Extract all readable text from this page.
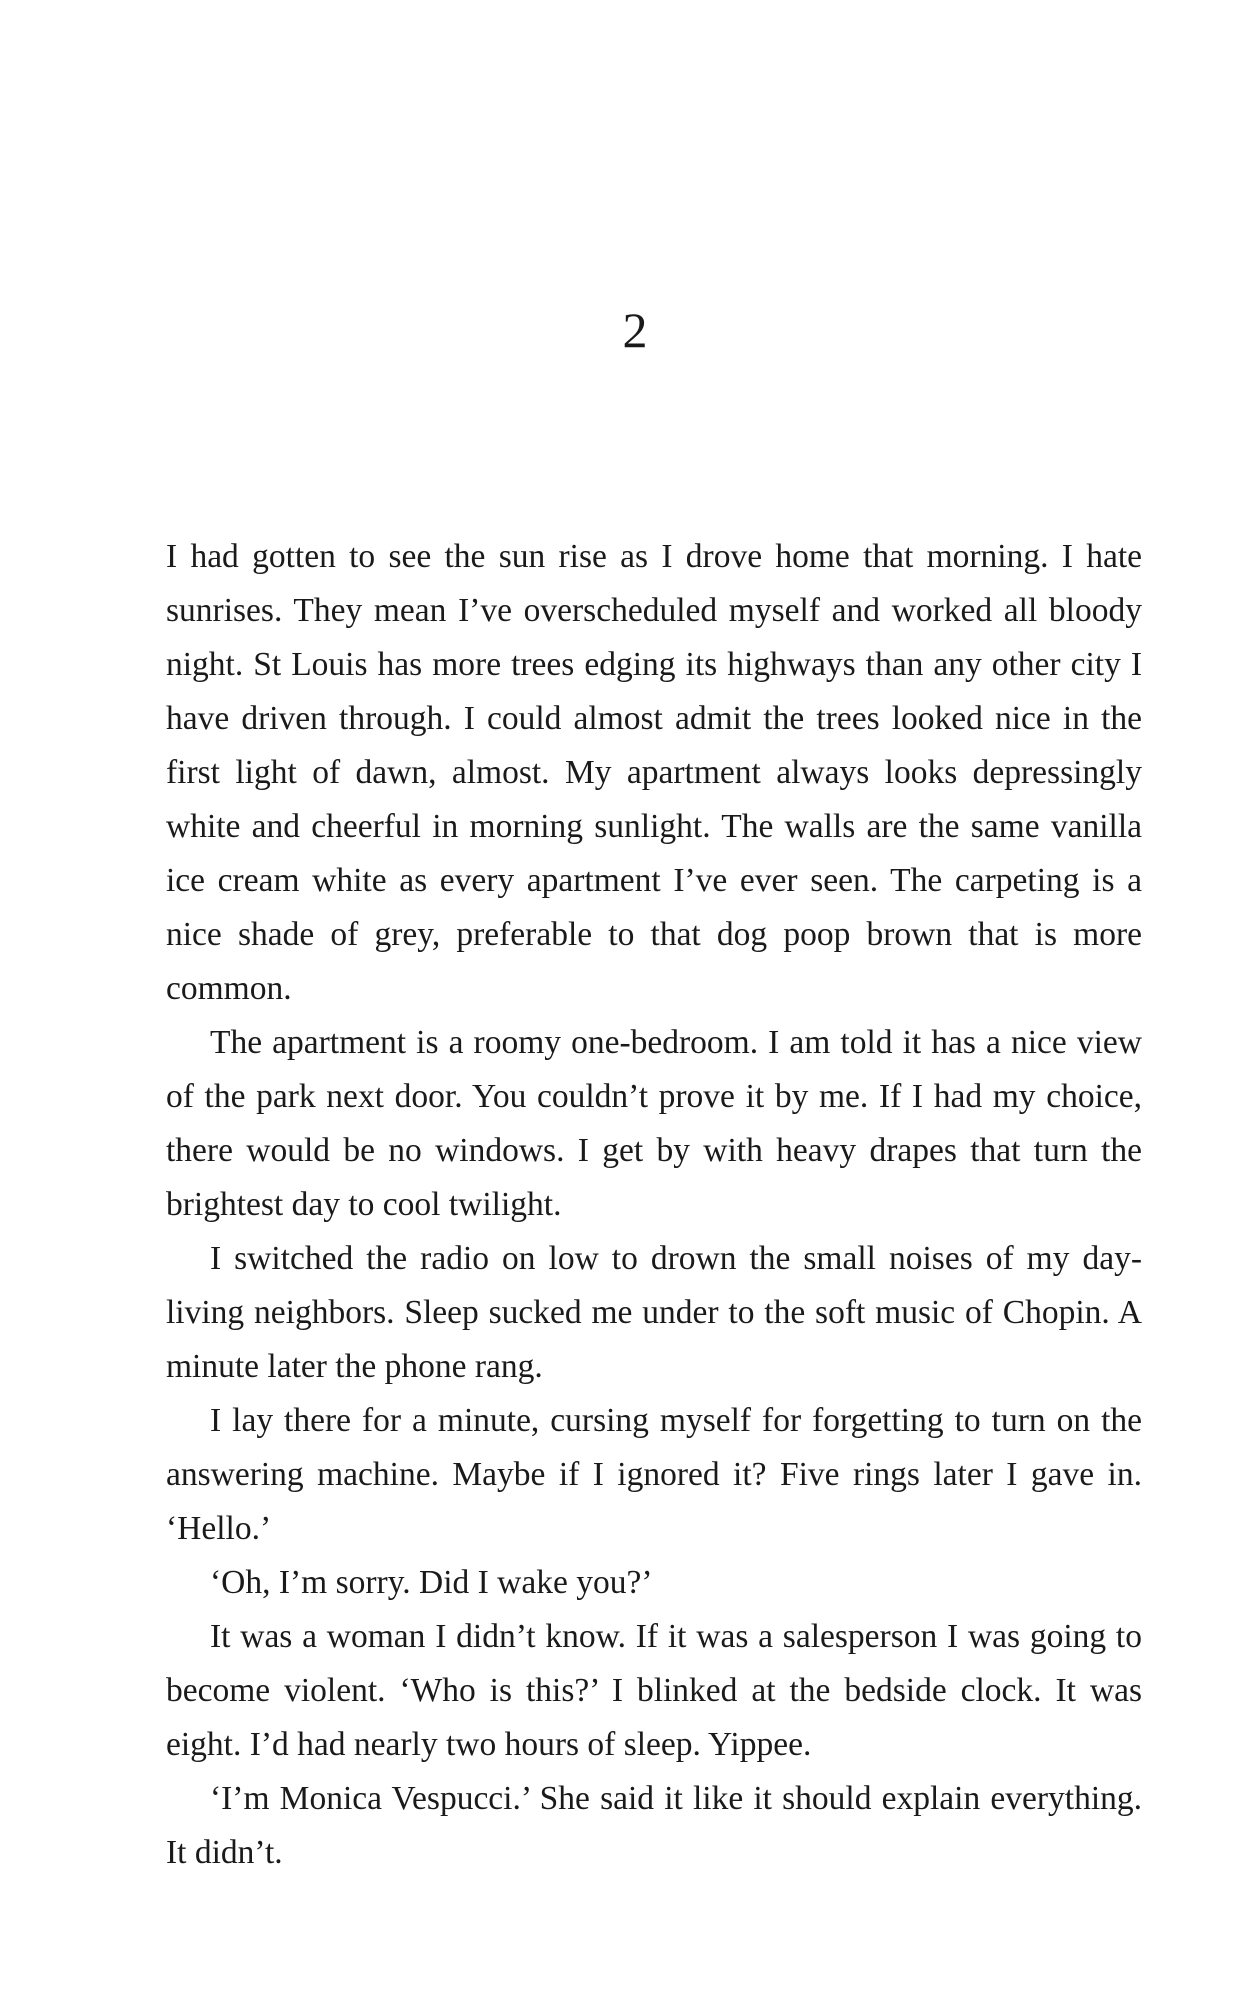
2

I had gotten to see the sun rise as I drove home that morning. I hate sunrises. They mean I’ve overscheduled myself and worked all bloody night. St Louis has more trees edging its highways than any other city I have driven through. I could almost admit the trees looked nice in the first light of dawn, almost. My apartment always looks depressingly white and cheerful in morning sunlight. The walls are the same vanilla ice cream white as every apartment I’ve ever seen. The carpeting is a nice shade of grey, preferable to that dog poop brown that is more common.

The apartment is a roomy one-bedroom. I am told it has a nice view of the park next door. You couldn’t prove it by me. If I had my choice, there would be no windows. I get by with heavy drapes that turn the brightest day to cool twilight.

I switched the radio on low to drown the small noises of my day-living neighbors. Sleep sucked me under to the soft music of Chopin. A minute later the phone rang.

I lay there for a minute, cursing myself for forgetting to turn on the answering machine. Maybe if I ignored it? Five rings later I gave in. ‘Hello.’

‘Oh, I’m sorry. Did I wake you?’

It was a woman I didn’t know. If it was a salesperson I was going to become violent. ‘Who is this?’ I blinked at the bedside clock. It was eight. I’d had nearly two hours of sleep. Yippee.

‘I’m Monica Vespucci.’ She said it like it should explain everything. It didn’t.
